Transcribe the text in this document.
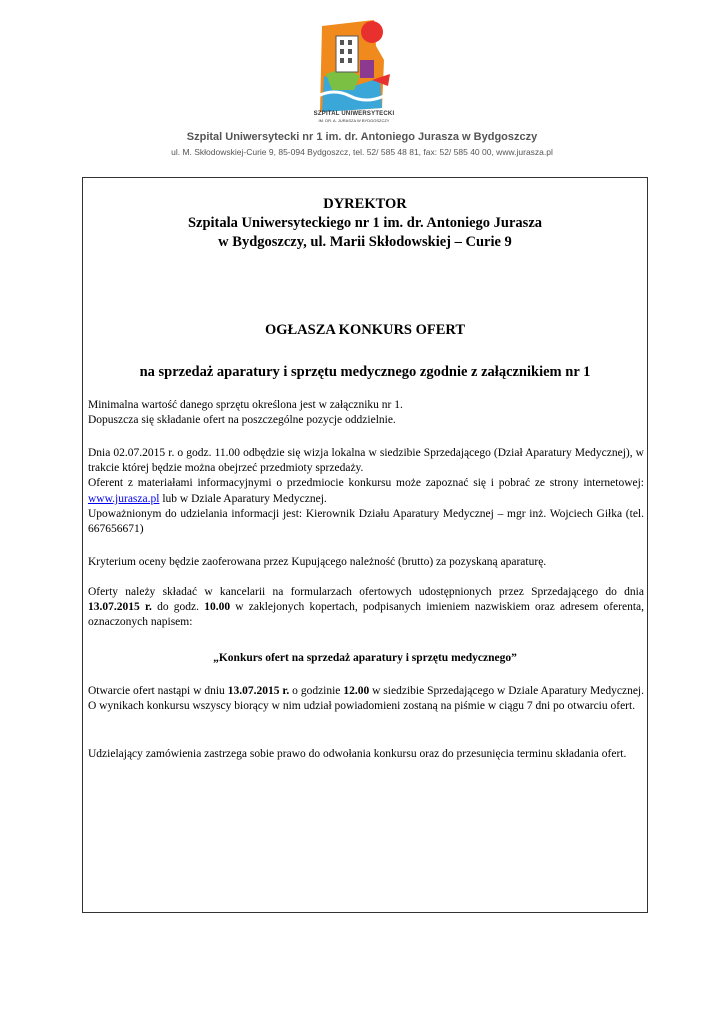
SZPITAL UNIWERSYTECKI
IM. DR. A. JURASZA W BYDGOSZCZY
Szpital Uniwersytecki nr 1 im. dr. Antoniego Jurasza w Bydgoszczy
ul. M. Skłodowskiej-Curie 9, 85-094 Bydgoszcz, tel. 52/ 585 48 81, fax: 52/ 585 40 00, www.jurasza.pl
DYREKTOR
Szpitala Uniwersyteckiego nr 1 im. dr. Antoniego Jurasza
w Bydgoszczy, ul. Marii Skłodowskiej – Curie 9
OGŁASZA KONKURS OFERT
na sprzedaż aparatury i sprzętu medycznego zgodnie z załącznikiem nr 1

Minimalna wartość danego sprzętu określona jest w załączniku nr 1.

Dopuszcza się składanie ofert na poszczególne pozycje oddzielnie.

Dnia 02.07.2015 r. o godz. 11.00 odbędzie się wizja lokalna w siedzibie Sprzedającego (Dział Aparatury Medycznej), w trakcie której będzie można obejrzeć przedmioty sprzedaży.

Oferent z materiałami informacyjnymi o przedmiocie konkursu może zapoznać się i pobrać ze strony internetowej: www.jurasza.pl lub w Dziale Aparatury Medycznej.

Upoważnionym do udzielania informacji jest: Kierownik Działu Aparatury Medycznej – mgr inż. Wojciech Giłka (tel. 667656671)

Kryterium oceny będzie zaoferowana przez Kupującego należność (brutto) za pozyskaną aparaturę.
Oferty należy składać w kancelarii na formularzach ofertowych udostępnionych przez Sprzedającego do dnia 13.07.2015 r. do godz. 10.00 w zaklejonych kopertach, podpisanych imieniem nazwiskiem oraz adresem oferenta, oznaczonych napisem:
„Konkurs ofert na sprzedaż aparatury i sprzętu medycznego”
Otwarcie ofert nastąpi w dniu 13.07.2015 r. o godzinie 12.00 w siedzibie Sprzedającego w Dziale Aparatury Medycznej. O wynikach konkursu wszyscy biorący w nim udział powiadomieni zostaną na piśmie w ciągu 7 dni po otwarciu ofert.
Udzielający zamówienia zastrzega sobie prawo do odwołania konkursu oraz do przesunięcia terminu składania ofert.
